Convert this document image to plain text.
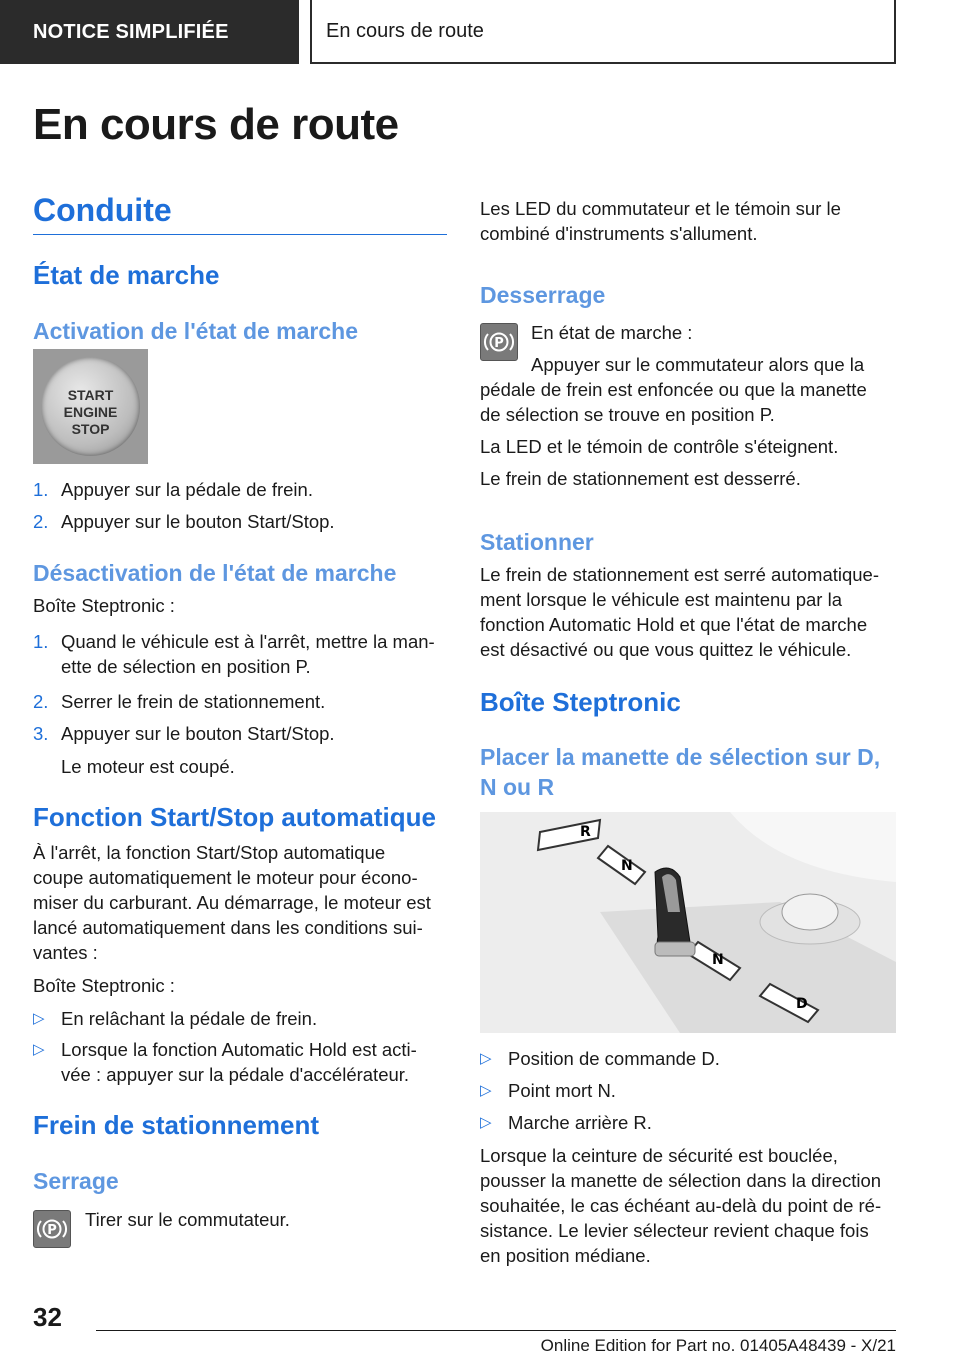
NOTICE SIMPLIFIÉE	En cours de route
En cours de route
Conduite
État de marche
Activation de l'état de marche
START
ENGINE
STOP
1. Appuyer sur la pédale de frein.
2. Appuyer sur le bouton Start/Stop.
Désactivation de l'état de marche
Boîte Steptronic :
1. Quand le véhicule est à l'arrêt, mettre la man-
ette de sélection en position P.
2. Serrer le frein de stationnement.
3. Appuyer sur le bouton Start/Stop.
Le moteur est coupé.
Fonction Start/Stop automatique
À l'arrêt, la fonction Start/Stop automatique
coupe automatiquement le moteur pour écono-
miser du carburant. Au démarrage, le moteur est
lancé automatiquement dans les conditions sui-
vantes :
Boîte Steptronic :
▷ En relâchant la pédale de frein.
▷ Lorsque la fonction Automatic Hold est acti-
vée : appuyer sur la pédale d'accélérateur.
Frein de stationnement
Serrage
P
Tirer sur le commutateur.
Les LED du commutateur et le témoin sur le
combiné d'instruments s'allument.
Desserrage
P
En état de marche :
Appuyer sur le commutateur alors que la
pédale de frein est enfoncée ou que la manette
de sélection se trouve en position P.
La LED et le témoin de contrôle s'éteignent.
Le frein de stationnement est desserré.
Stationner
Le frein de stationnement est serré automatique-
ment lorsque le véhicule est maintenu par la
fonction Automatic Hold et que l'état de marche
est désactivé ou que vous quittez le véhicule.
Boîte Steptronic
Placer la manette de sélection sur D,
N ou R
R
N
N
D
▷ Position de commande D.
▷ Point mort N.
▷ Marche arrière R.
Lorsque la ceinture de sécurité est bouclée,
pousser la manette de sélection dans la direction
souhaitée, le cas échéant au-delà du point de ré-
sistance. Le levier sélecteur revient chaque fois
en position médiane.
32
Online Edition for Part no. 01405A48439 - X/21
